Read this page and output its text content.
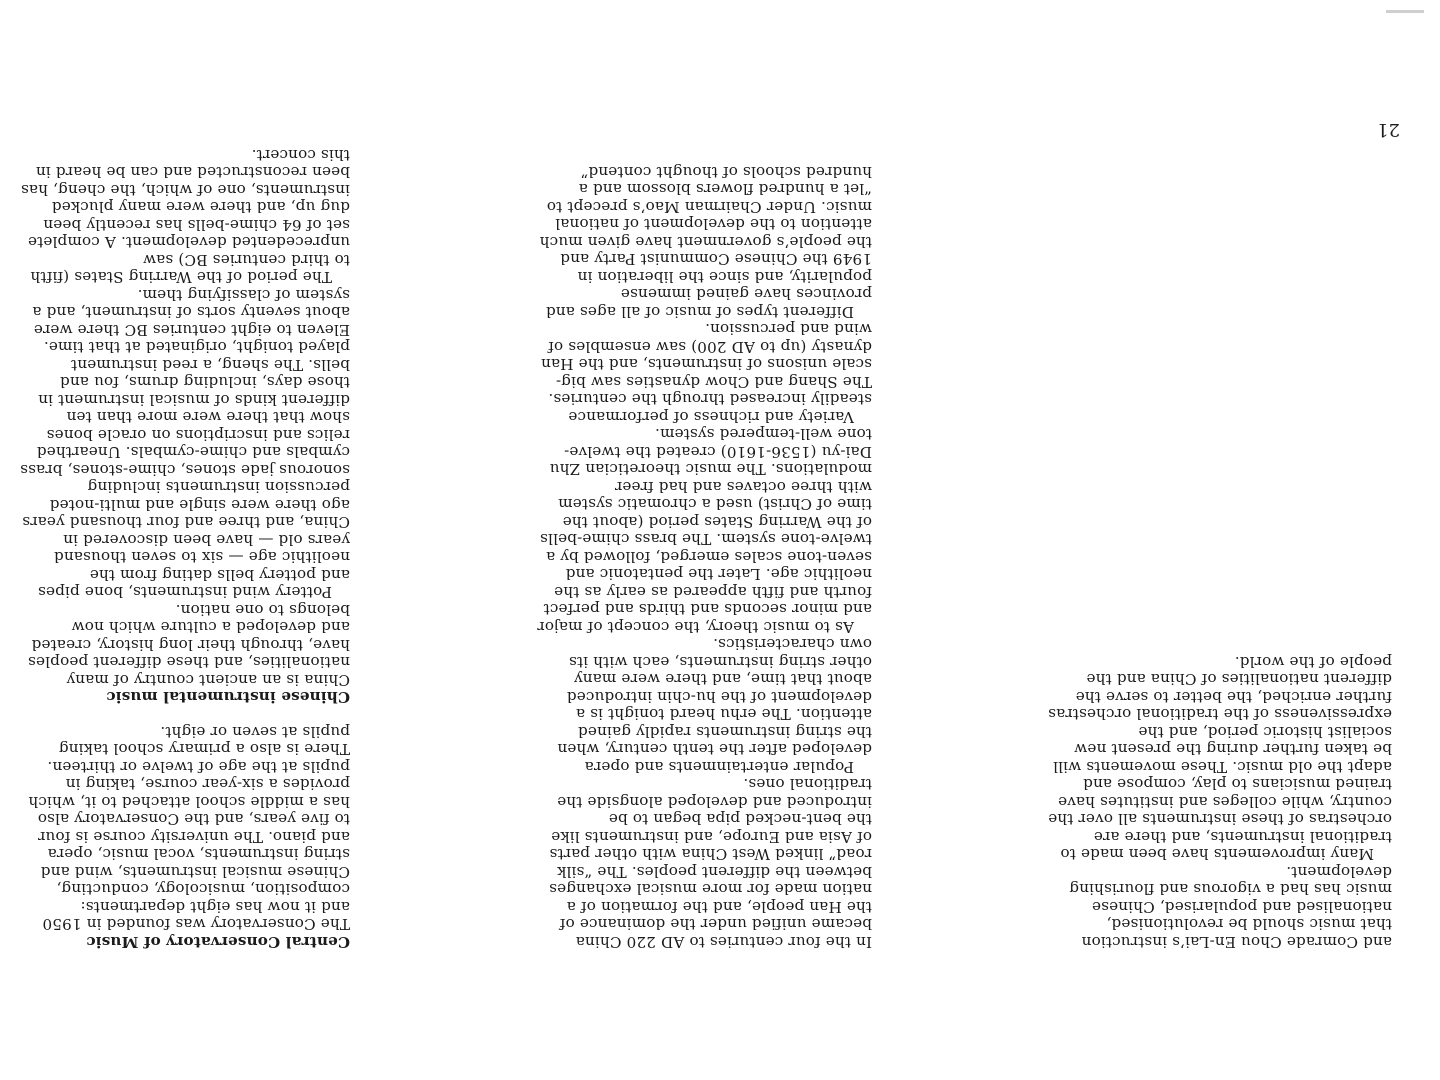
Central Conservatory of Music

The Conservatory was founded in 1950 and it now has eight departments: composition, musicology, conducting, Chinese musical instruments, wind and string instruments, vocal music, opera and piano. The university course is four to five years, and the Conservatory also has a middle school attached to it, which provides a six-year course, taking in pupils at the age of twelve or thirteen. There is also a primary school taking pupils at seven or eight.

Chinese instrumental music

China is an ancient country of many nationalities, and these different peoples have, through their long history, created and developed a culture which now belongs to one nation.

Pottery wind instruments, bone pipes and pottery bells dating from the neolithic age — six to seven thousand years old — have been discovered in China, and three and four thousand years ago there were single and multi-noted percussion instruments including sonorous jade stones, chime-stones, brass cymbals and chime-cymbals. Unearthed relics and inscriptions on oracle bones show that there were more than ten different kinds of musical instrument in those days, including drums, fou and bells. The sheng, a reed instrument played tonight, originated at that time. Eleven to eight centuries BC there were about seventy sorts of instrument, and a system of classifying them.

The period of the Warring States (fifth to third centuries BC) saw unprecedented development. A complete set of 64 chime-bells has recently been dug up, and there were many plucked instruments, one of which, the cheng, has been reconstructed and can be heard in this concert.

In the four centuries to AD 220 China became unified under the dominance of the Han people, and the formation of a nation made for more musical exchanges between the different peoples. The “silk road” linked West China with other parts of Asia and Europe, and instruments like the bent-necked pipa began to be introduced and developed alongside the traditional ones.

Popular entertainments and opera developed after the tenth century, when the string instruments rapidly gained attention. The erhu heard tonight is a development of the hu-chin introduced about that time, and there were many other string instruments, each with its own characteristics.

As to music theory, the concept of major and minor seconds and thirds and perfect fourth and fifth appeared as early as the neolithic age. Later the pentatonic and seven-tone scales emerged, followed by a twelve-tone system. The brass chime-bells of the Warring States period (about the time of Christ) used a chromatic system with three octaves and had freer modulations. The music theoretician Zhu Dai-yu (1536-1610) created the twelve-tone well-tempered system.

Variety and richness of performance steadily increased through the centuries. The Shang and Chow dynasties saw big-scale unisons of instruments, and the Han dynasty (up to AD 200) saw ensembles of wind and percussion.

Different types of music of all ages and provinces have gained immense popularity, and since the liberation in 1949 the Chinese Communist Party and the people’s government have given much attention to the development of national music. Under Chairman Mao’s precept to “let a hundred flowers blossom and a hundred schools of thought contend”

and Comrade Chou En-Lai’s instruction that music should be revolutionised, nationalised and popularised, Chinese music has had a vigorous and flourishing development.

Many improvements have been made to traditional instruments, and there are orchestras of these instruments all over the country, while colleges and institutes have trained musicians to play, compose and adapt the old music. These movements will be taken further during the present new socialist historic period, and the expressiveness of the traditional orchestras further enriched, the better to serve the different nationalities of China and the people of the world.

21
